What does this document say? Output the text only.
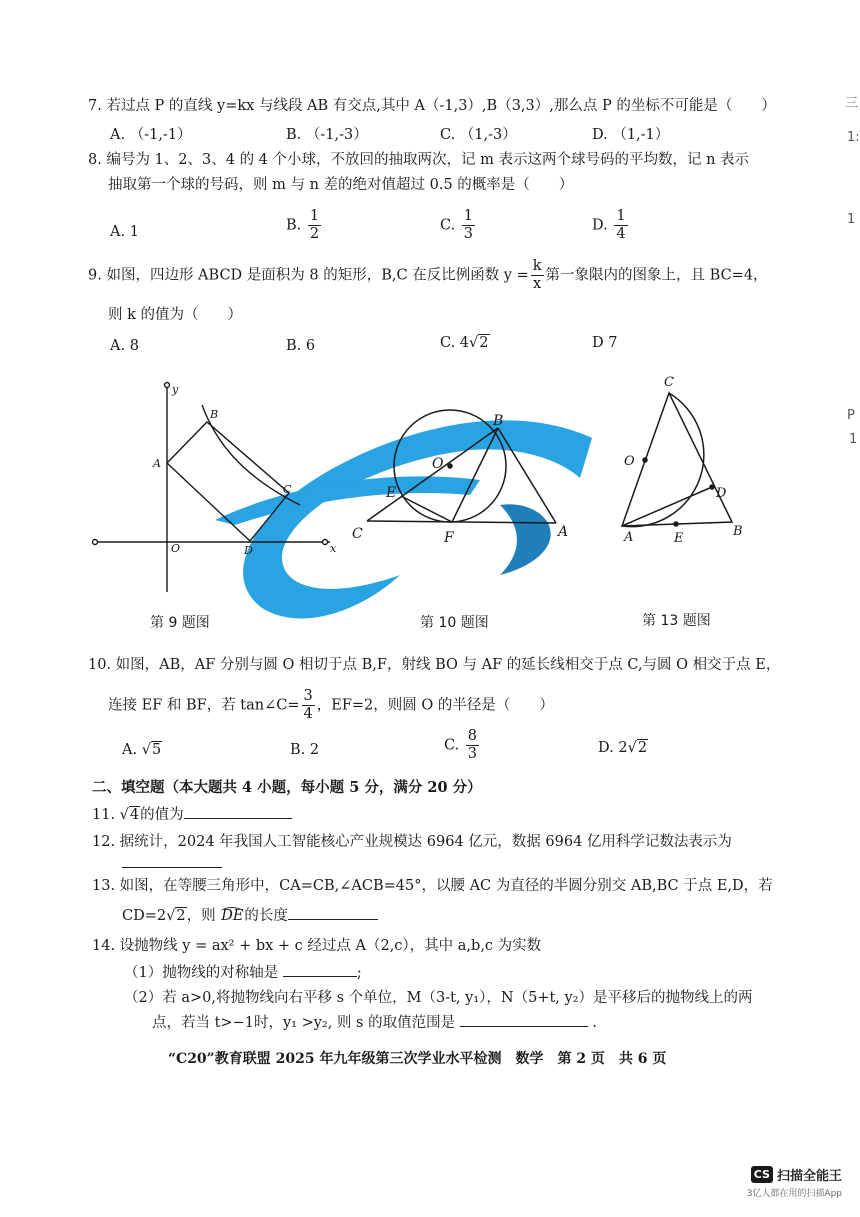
7. 若过点 P 的直线 y=kx 与线段 AB 有交点,其中 A（-1,3）,B（3,3）,那么点 P 的坐标不可能是（　　）
A. （-1,-1）	B. （-1,-3）	C. （1,-3）	D. （1,-1）
8. 编号为 1、2、3、4 的 4 个小球，不放回的抽取两次，记 m 表示这两个球号码的平均数，记 n 表示
抽取第一个球的号码，则 m 与 n 差的绝对值超过 0.5 的概率是（　　）
A. 1	B. $\frac{1}{2}$	C. $\frac{1}{3}$	D. $\frac{1}{4}$
9. 如图，四边形 ABCD 是面积为 8 的矩形，B,C 在反比例函数 $y = \frac{k}{x}$ 第一象限内的图象上，且 BC=4，
则 k 的值为（　　）
A. 8	B. 6	C. 4√2	D 7
y
B
A
C
O	D	x
B
O
E
C	F	A
C
O
D
A	E	B
第 9 题图	第 10 题图	第 13 题图
10. 如图，AB，AF 分别与圆 O 相切于点 B,F，射线 BO 与 AF 的延长线相交于点 C,与圆 O 相交于点 E，
连接 EF 和 BF，若 tan∠C= $\frac{3}{4}$ ，EF=2，则圆 O 的半径是（　　）
A. √5	B. 2	C. $\frac{8}{3}$	D. 2√2
二、填空题（本大题共 4 小题，每小题 5 分，满分 20 分）
11. √4的值为
12. 据统计，2024 年我国人工智能核心产业规模达 6964 亿元，数据 6964 亿用科学记数法表示为
13. 如图，在等腰三角形中，CA=CB,∠ACB=45°，以腰 AC 为直径的半圆分别交 AB,BC 于点 E,D，若
CD=2√2，则 DE的长度
14. 设抛物线 y = ax² + bx + c 经过点 A（2,c），其中 a,b,c 为实数
（1）抛物线的对称轴是	;
（2）若 a>0,将抛物线向右平移 s 个单位，M（3-t, y₁），N（5+t, y₂）是平移后的抛物线上的两
点，若当 t>−1时，y₁ >y₂, 则 s 的取值范围是	.
“C20”教育联盟 2025 年九年级第三次学业水平检测　数学　第 2 页　共 6 页
三
1:
1
P
1
CS 扫描全能王
3亿人都在用的扫描App
